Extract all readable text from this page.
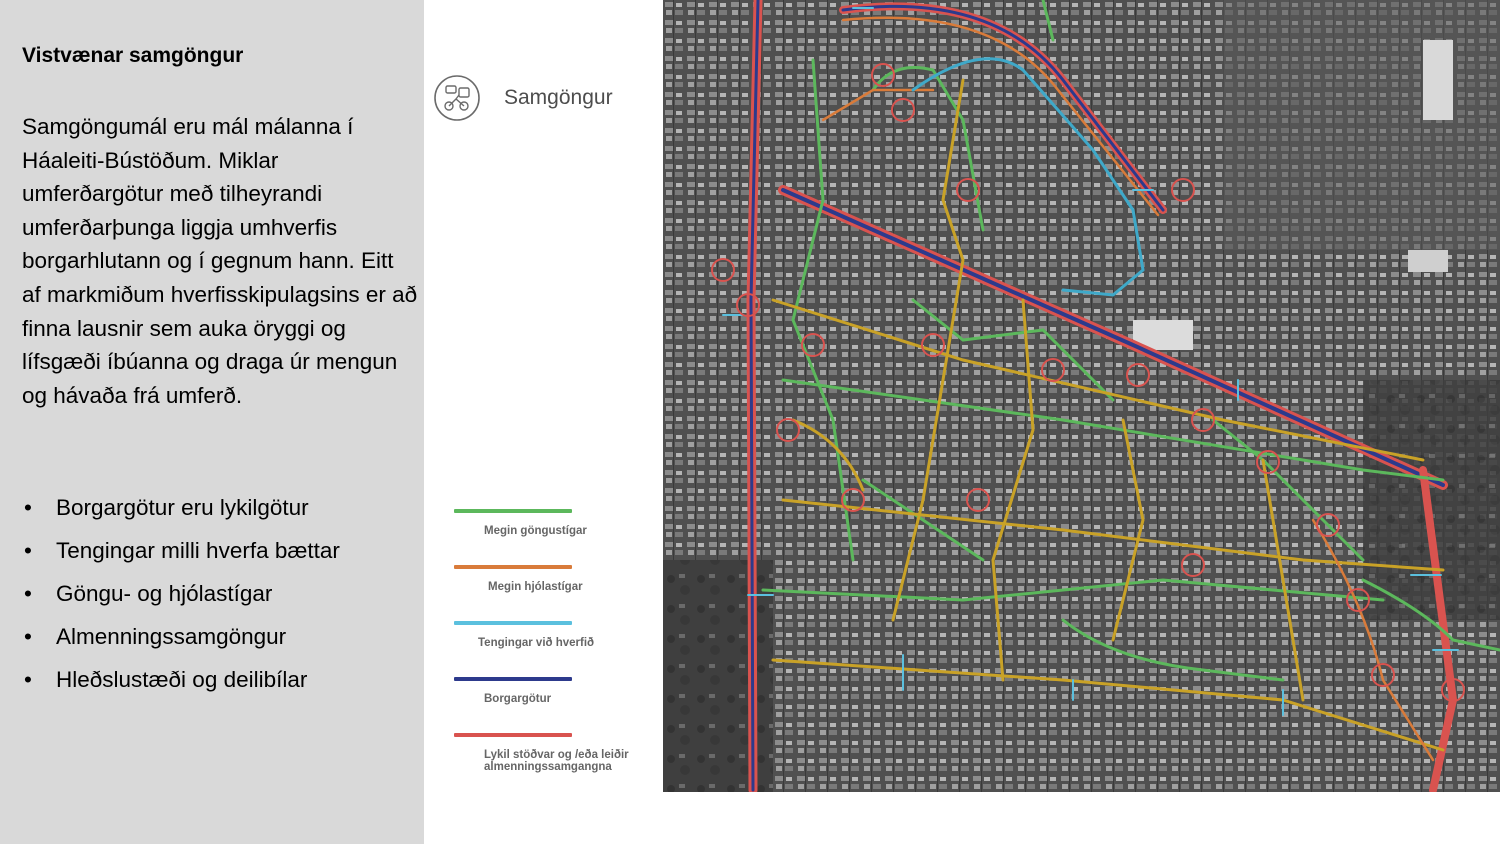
Vistvænar samgöngur
Samgöngumál eru mál málanna í Háaleiti-Bústöðum. Miklar umferðargötur með tilheyrandi umferðarþunga liggja umhverfis borgarhlutann og í gegnum hann. Eitt af markmiðum hverfisskipulagsins er að finna lausnir sem auka öryggi og lífsgæði íbúanna og draga úr mengun og hávaða frá umferð.
• Borgargötur eru lykilgötur
• Tengingar milli hverfa bættar
• Göngu- og hjólastígar
• Almenningssamgöngur
• Hleðslustæði og deilibílar
Samgöngur
Megin göngustígar
Megin hjólastígar
Tengingar við hverfið
Borgargötur
Lykil stöðvar og /eða leiðir almenningssamgangna
